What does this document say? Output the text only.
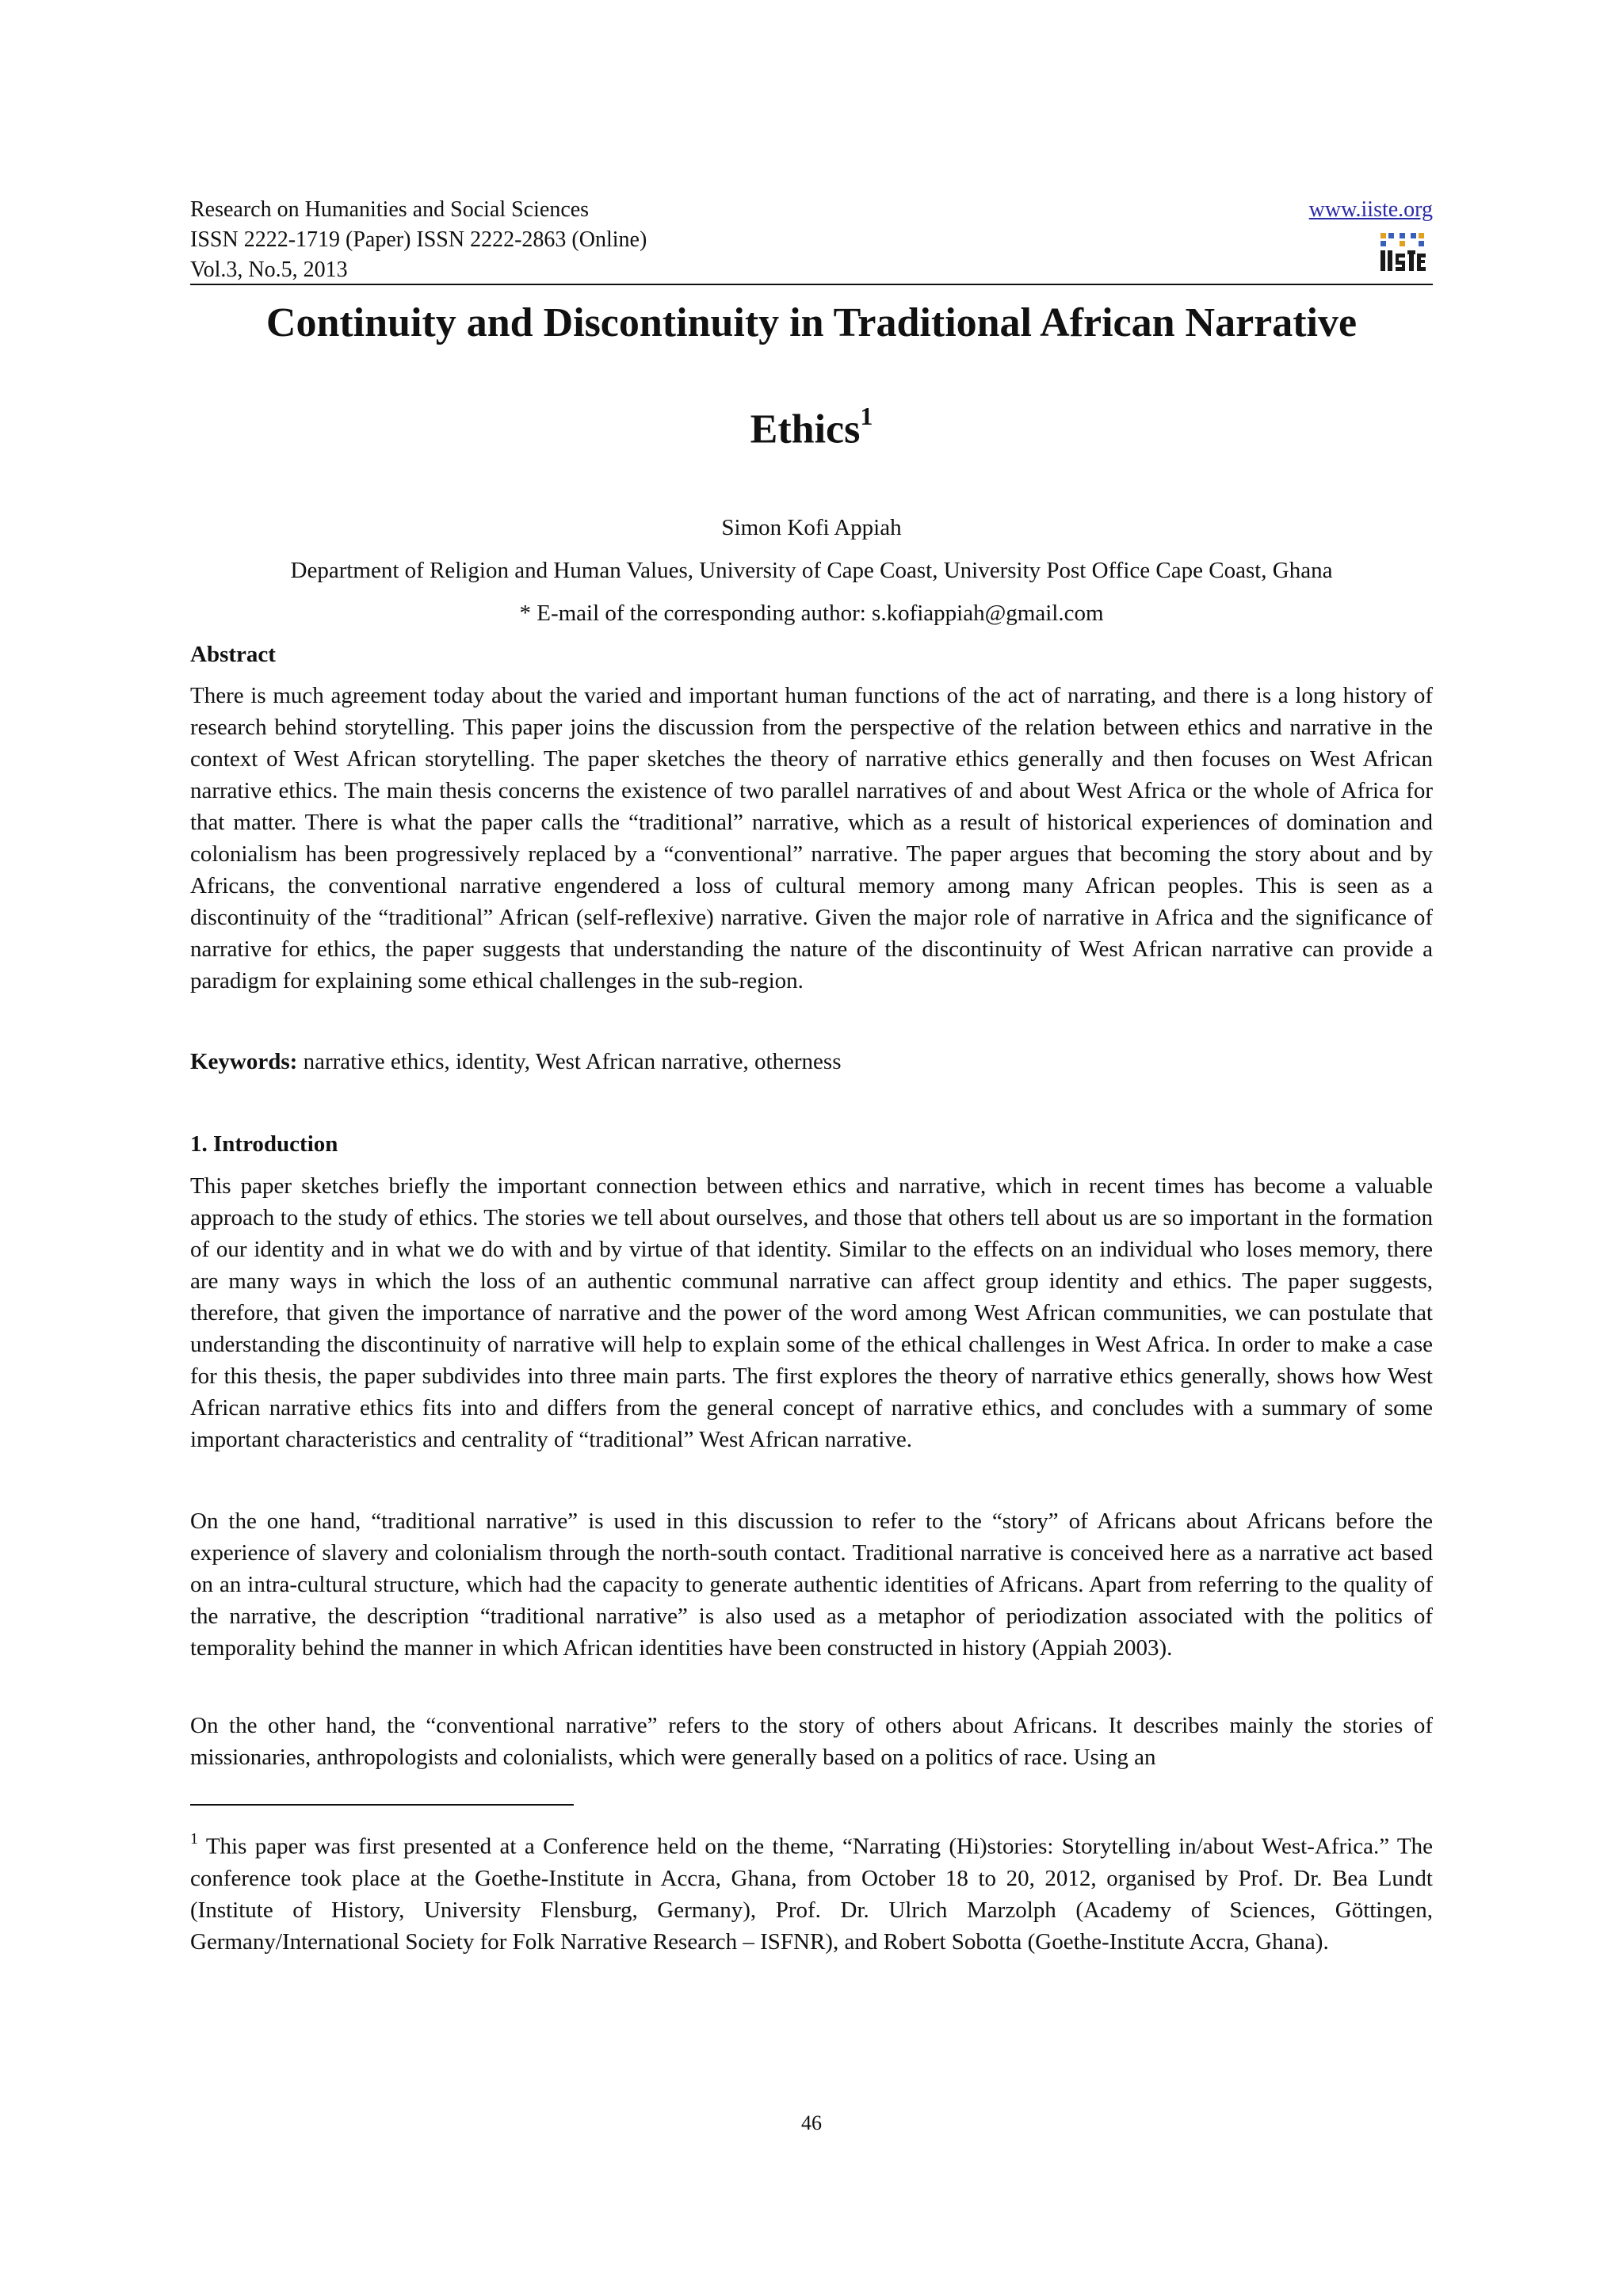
Research on Humanities and Social Sciences
ISSN 2222-1719 (Paper) ISSN 2222-2863 (Online)
Vol.3, No.5, 2013
www.iiste.org
Continuity and Discontinuity in Traditional African Narrative
Ethics$^1$
Simon Kofi Appiah
Department of Religion and Human Values, University of Cape Coast, University Post Office Cape Coast, Ghana
* E-mail of the corresponding author: s.kofiappiah@gmail.com
Abstract
There is much agreement today about the varied and important human functions of the act of narrating, and there is a long history of research behind storytelling. This paper joins the discussion from the perspective of the relation between ethics and narrative in the context of West African storytelling. The paper sketches the theory of narrative ethics generally and then focuses on West African narrative ethics. The main thesis concerns the existence of two parallel narratives of and about West Africa or the whole of Africa for that matter. There is what the paper calls the “traditional” narrative, which as a result of historical experiences of domination and colonialism has been progressively replaced by a “conventional” narrative. The paper argues that becoming the story about and by Africans, the conventional narrative engendered a loss of cultural memory among many African peoples. This is seen as a discontinuity of the “traditional” African (self-reflexive) narrative. Given the major role of narrative in Africa and the significance of narrative for ethics, the paper suggests that understanding the nature of the discontinuity of West African narrative can provide a paradigm for explaining some ethical challenges in the sub-region.
Keywords: narrative ethics, identity, West African narrative, otherness
1. Introduction
This paper sketches briefly the important connection between ethics and narrative, which in recent times has become a valuable approach to the study of ethics. The stories we tell about ourselves, and those that others tell about us are so important in the formation of our identity and in what we do with and by virtue of that identity. Similar to the effects on an individual who loses memory, there are many ways in which the loss of an authentic communal narrative can affect group identity and ethics. The paper suggests, therefore, that given the importance of narrative and the power of the word among West African communities, we can postulate that understanding the discontinuity of narrative will help to explain some of the ethical challenges in West Africa. In order to make a case for this thesis, the paper subdivides into three main parts. The first explores the theory of narrative ethics generally, shows how West African narrative ethics fits into and differs from the general concept of narrative ethics, and concludes with a summary of some important characteristics and centrality of “traditional” West African narrative.
On the one hand, “traditional narrative” is used in this discussion to refer to the “story” of Africans about Africans before the experience of slavery and colonialism through the north-south contact. Traditional narrative is conceived here as a narrative act based on an intra-cultural structure, which had the capacity to generate authentic identities of Africans. Apart from referring to the quality of the narrative, the description “traditional narrative” is also used as a metaphor of periodization associated with the politics of temporality behind the manner in which African identities have been constructed in history (Appiah 2003).
On the other hand, the “conventional narrative” refers to the story of others about Africans. It describes mainly the stories of missionaries, anthropologists and colonialists, which were generally based on a politics of race. Using an
$^1$ This paper was first presented at a Conference held on the theme, “Narrating (Hi)stories: Storytelling in/about West-Africa.” The conference took place at the Goethe-Institute in Accra, Ghana, from October 18 to 20, 2012, organised by Prof. Dr. Bea Lundt (Institute of History, University Flensburg, Germany), Prof. Dr. Ulrich Marzolph (Academy of Sciences, Göttingen, Germany/International Society for Folk Narrative Research – ISFNR), and Robert Sobotta (Goethe-Institute Accra, Ghana).
46
